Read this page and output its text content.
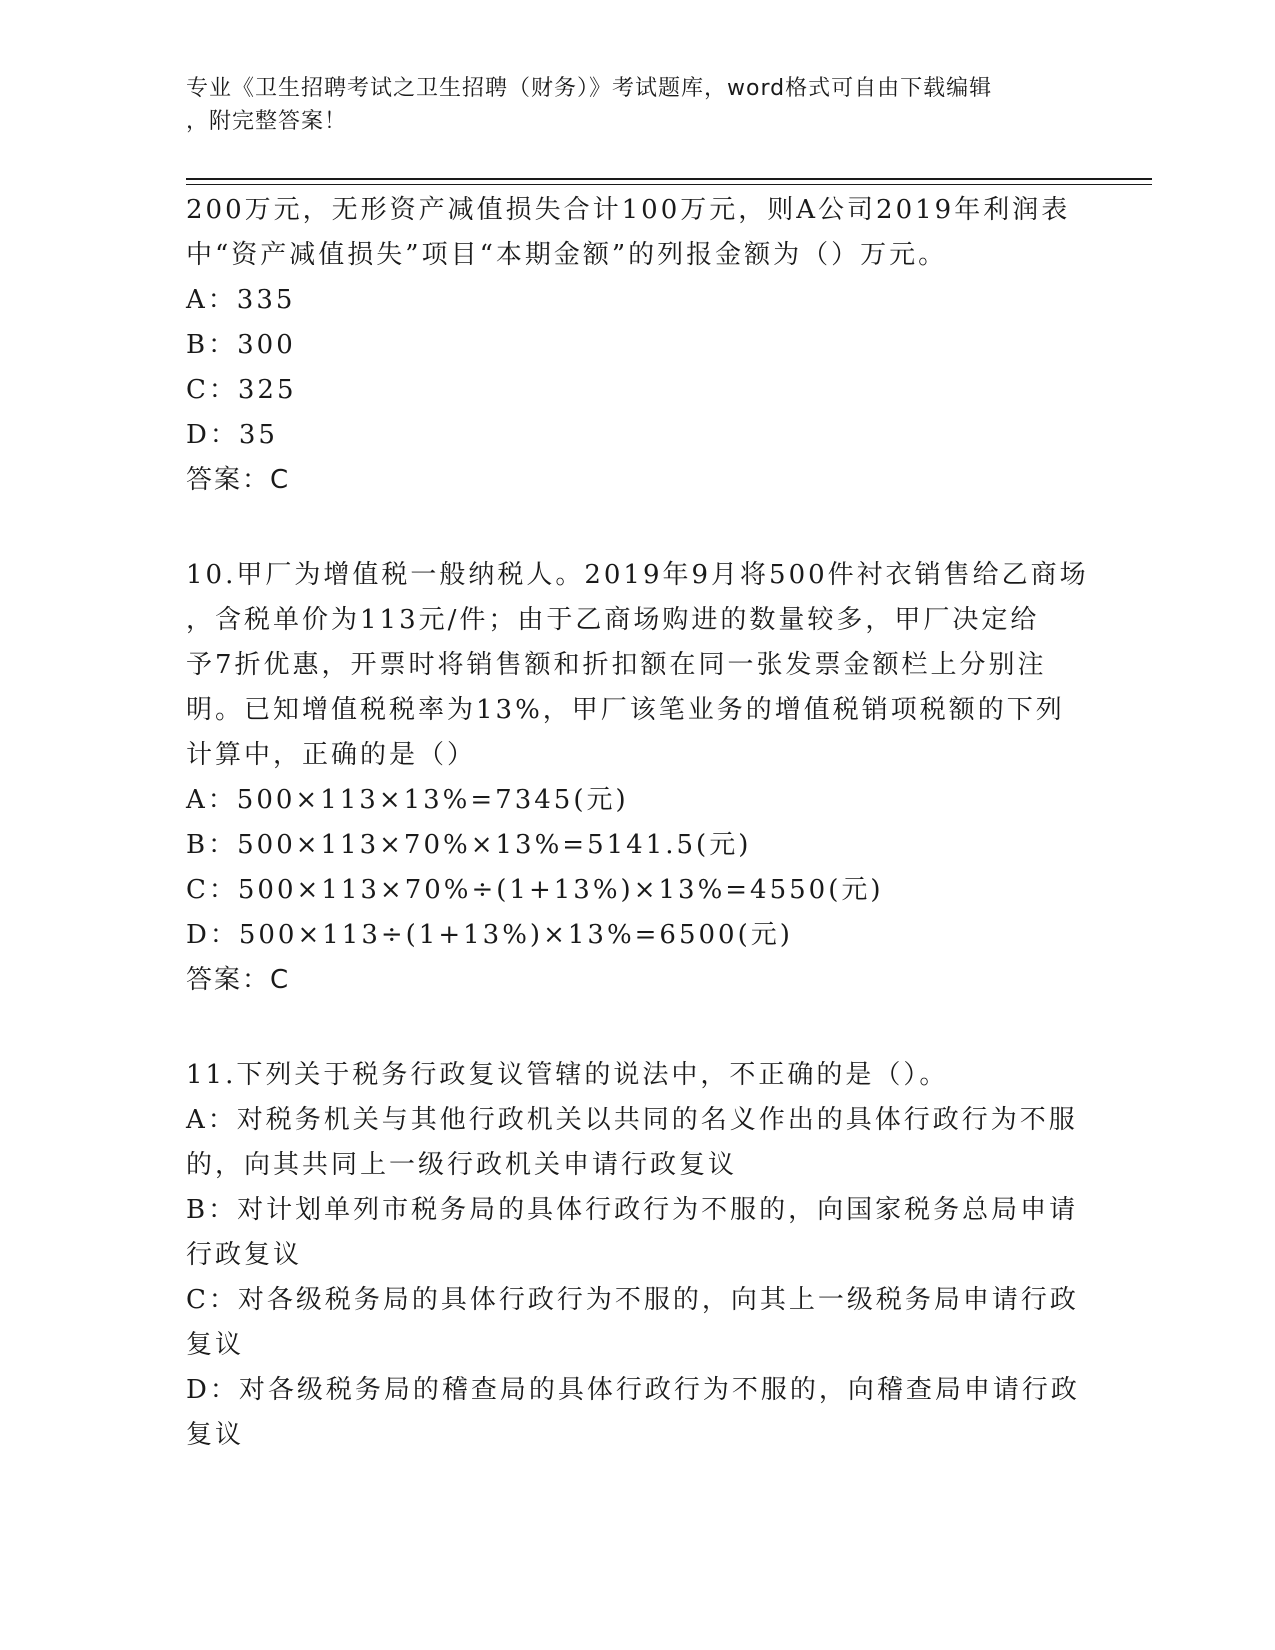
专业《卫生招聘考试之卫生招聘（财务）》考试题库，word格式可自由下载编辑
，附完整答案！
200万元，无形资产减值损失合计100万元，则A公司2019年利润表
中“资产减值损失”项目“本期金额”的列报金额为（）万元。
A：335
B：300
C：325
D：35
答案：C
10.甲厂为增值税一般纳税人。2019年9月将500件衬衣销售给乙商场
，含税单价为113元/件；由于乙商场购进的数量较多，甲厂决定给
予7折优惠，开票时将销售额和折扣额在同一张发票金额栏上分别注
明。已知增值税税率为13%，甲厂该笔业务的增值税销项税额的下列
计算中，正确的是（）
A：500×113×13%=7345(元)
B：500×113×70%×13%=5141.5(元)
C：500×113×70%÷(1+13%)×13%=4550(元)
D：500×113÷(1+13%)×13%=6500(元)
答案：C
11.下列关于税务行政复议管辖的说法中，不正确的是（）。
A：对税务机关与其他行政机关以共同的名义作出的具体行政行为不服
的，向其共同上一级行政机关申请行政复议
B：对计划单列市税务局的具体行政行为不服的，向国家税务总局申请
行政复议
C：对各级税务局的具体行政行为不服的，向其上一级税务局申请行政
复议
D：对各级税务局的稽查局的具体行政行为不服的，向稽查局申请行政
复议
